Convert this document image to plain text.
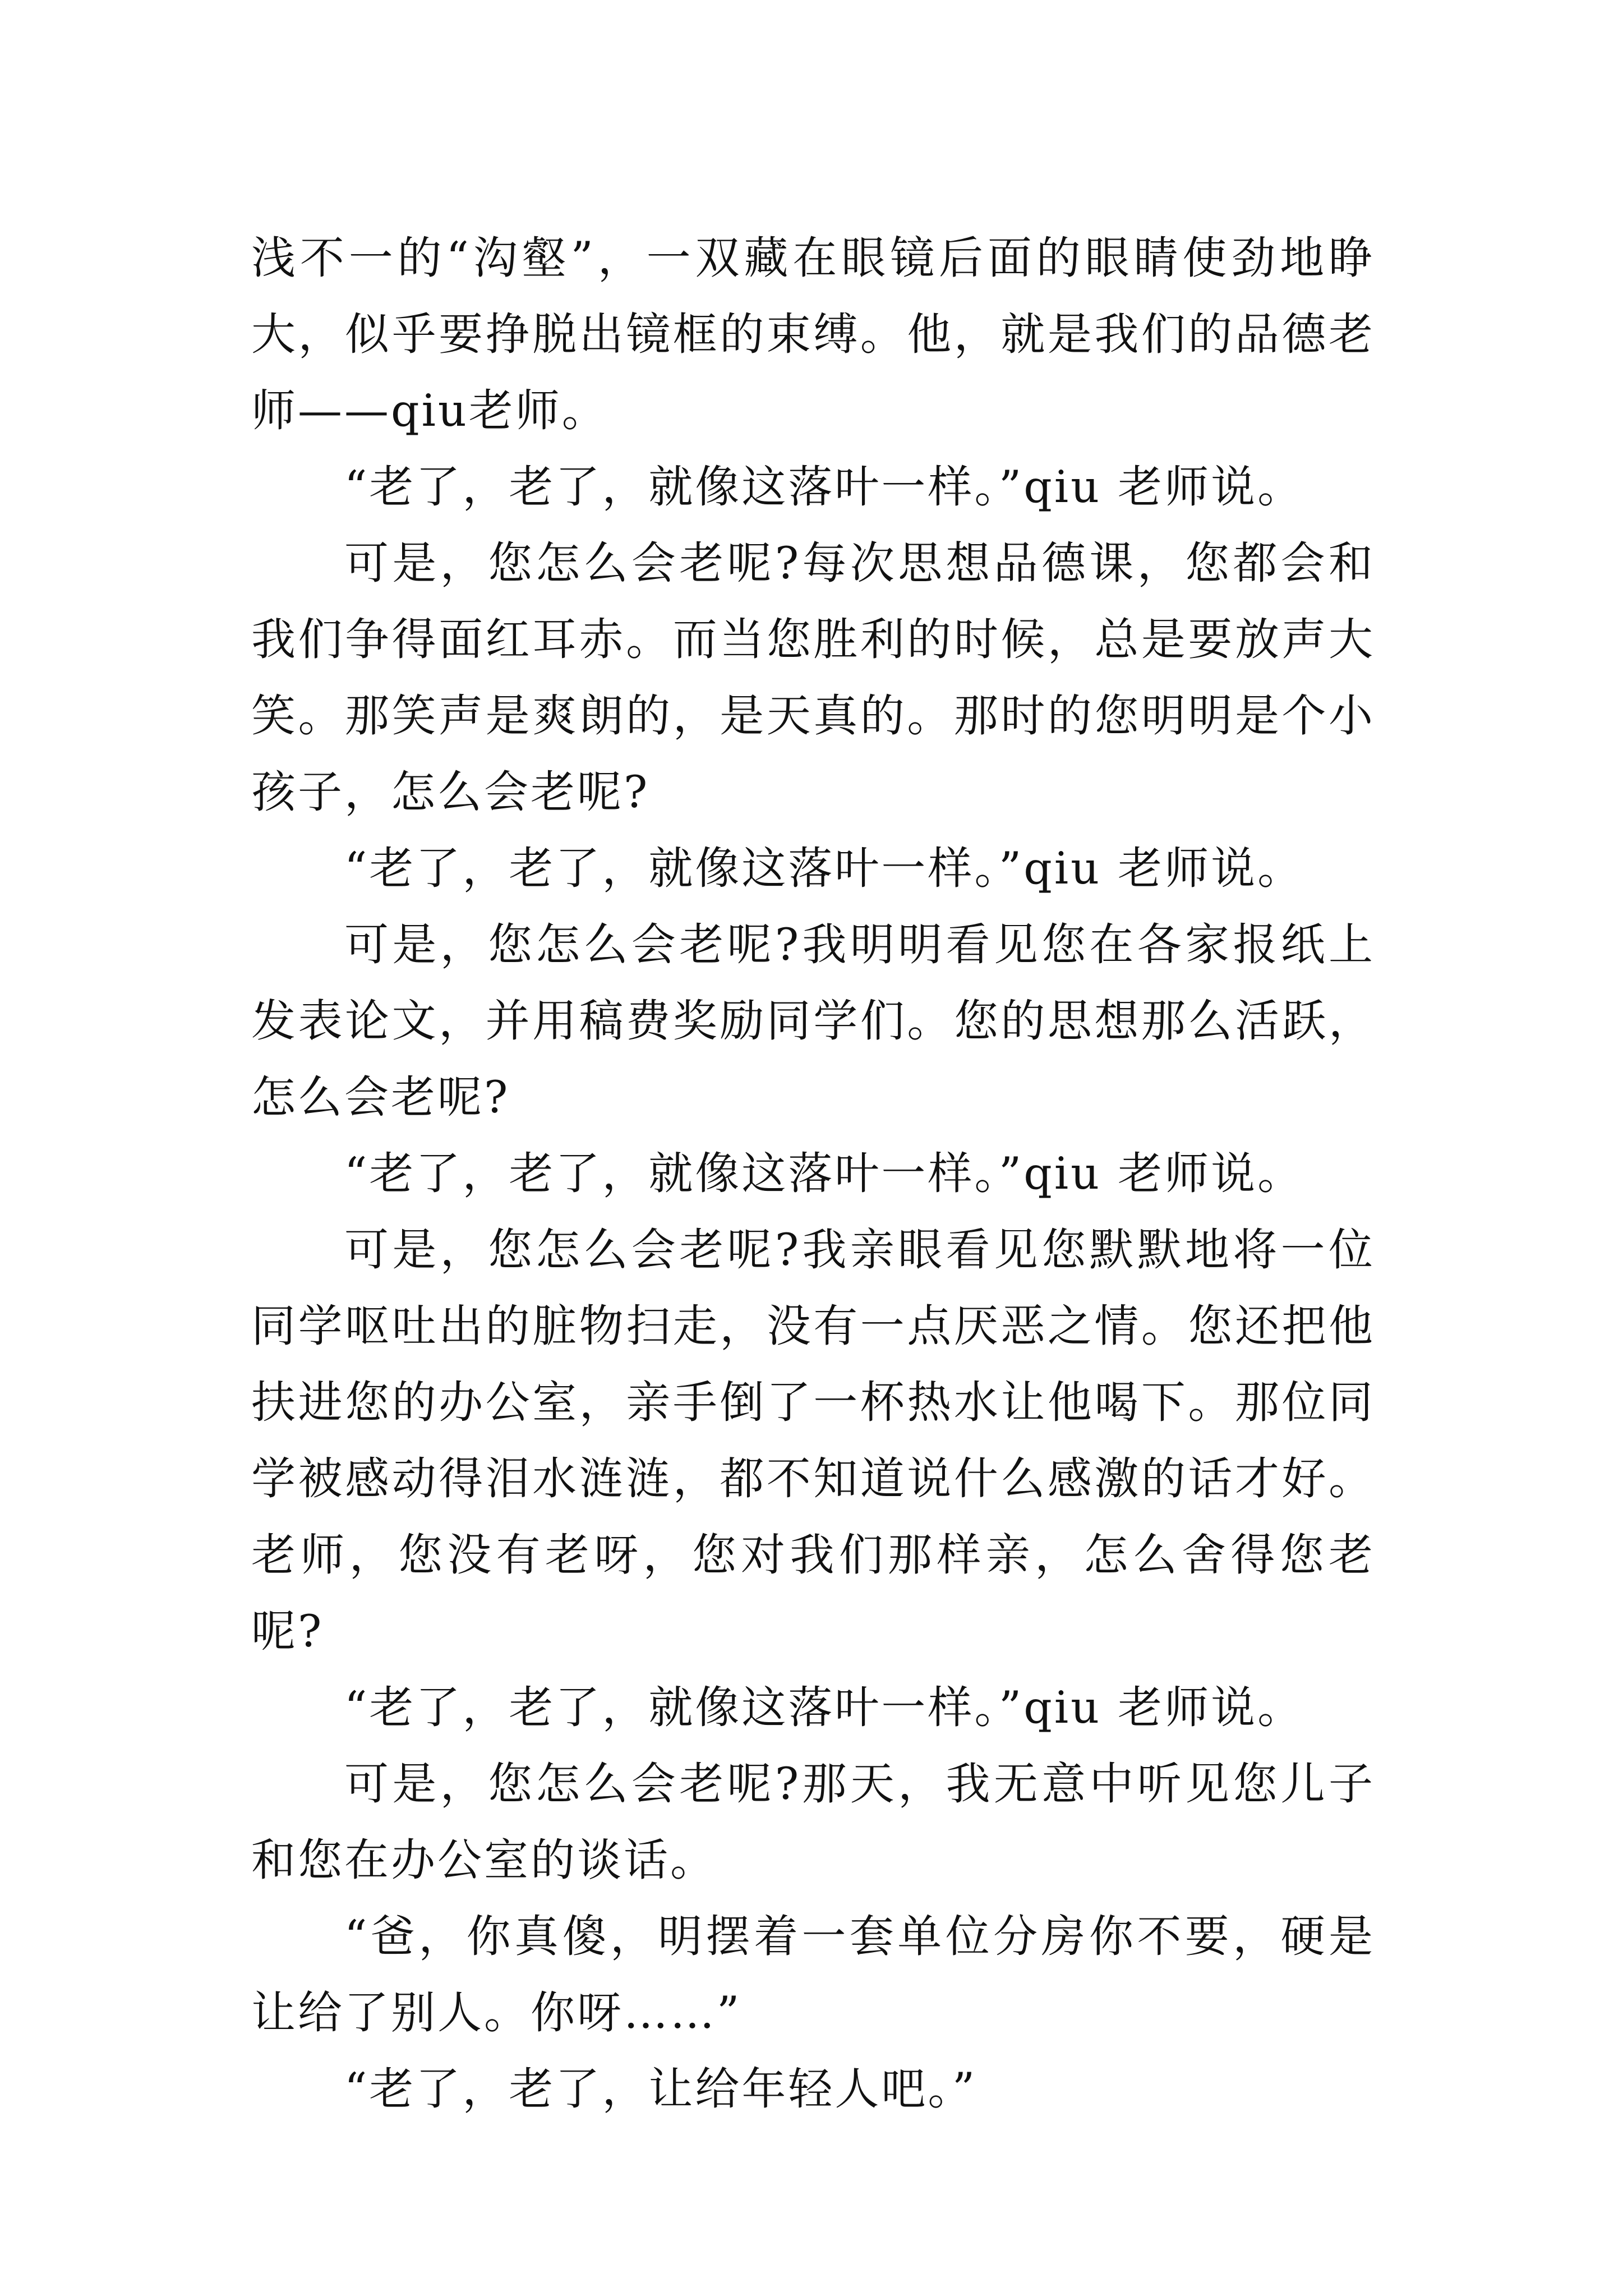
浅不一的“沟壑”，一双藏在眼镜后面的眼睛使劲地睁大，似乎要挣脱出镜框的束缚。他，就是我们的品德老师——qiu老师。

“老了，老了，就像这落叶一样。”qiu 老师说。

可是，您怎么会老呢?每次思想品德课，您都会和我们争得面红耳赤。而当您胜利的时候，总是要放声大笑。那笑声是爽朗的，是天真的。那时的您明明是个小孩子，怎么会老呢?

“老了，老了，就像这落叶一样。”qiu 老师说。

可是，您怎么会老呢?我明明看见您在各家报纸上发表论文，并用稿费奖励同学们。您的思想那么活跃，怎么会老呢?

“老了，老了，就像这落叶一样。”qiu 老师说。

可是，您怎么会老呢?我亲眼看见您默默地将一位同学呕吐出的脏物扫走，没有一点厌恶之情。您还把他扶进您的办公室，亲手倒了一杯热水让他喝下。那位同学被感动得泪水涟涟，都不知道说什么感激的话才好。老师，您没有老呀，您对我们那样亲，怎么舍得您老呢?

“老了，老了，就像这落叶一样。”qiu 老师说。

可是，您怎么会老呢?那天，我无意中听见您儿子和您在办公室的谈话。

“爸，你真傻，明摆着一套单位分房你不要，硬是让给了别人。你呀……”

“老了，老了，让给年轻人吧。”
